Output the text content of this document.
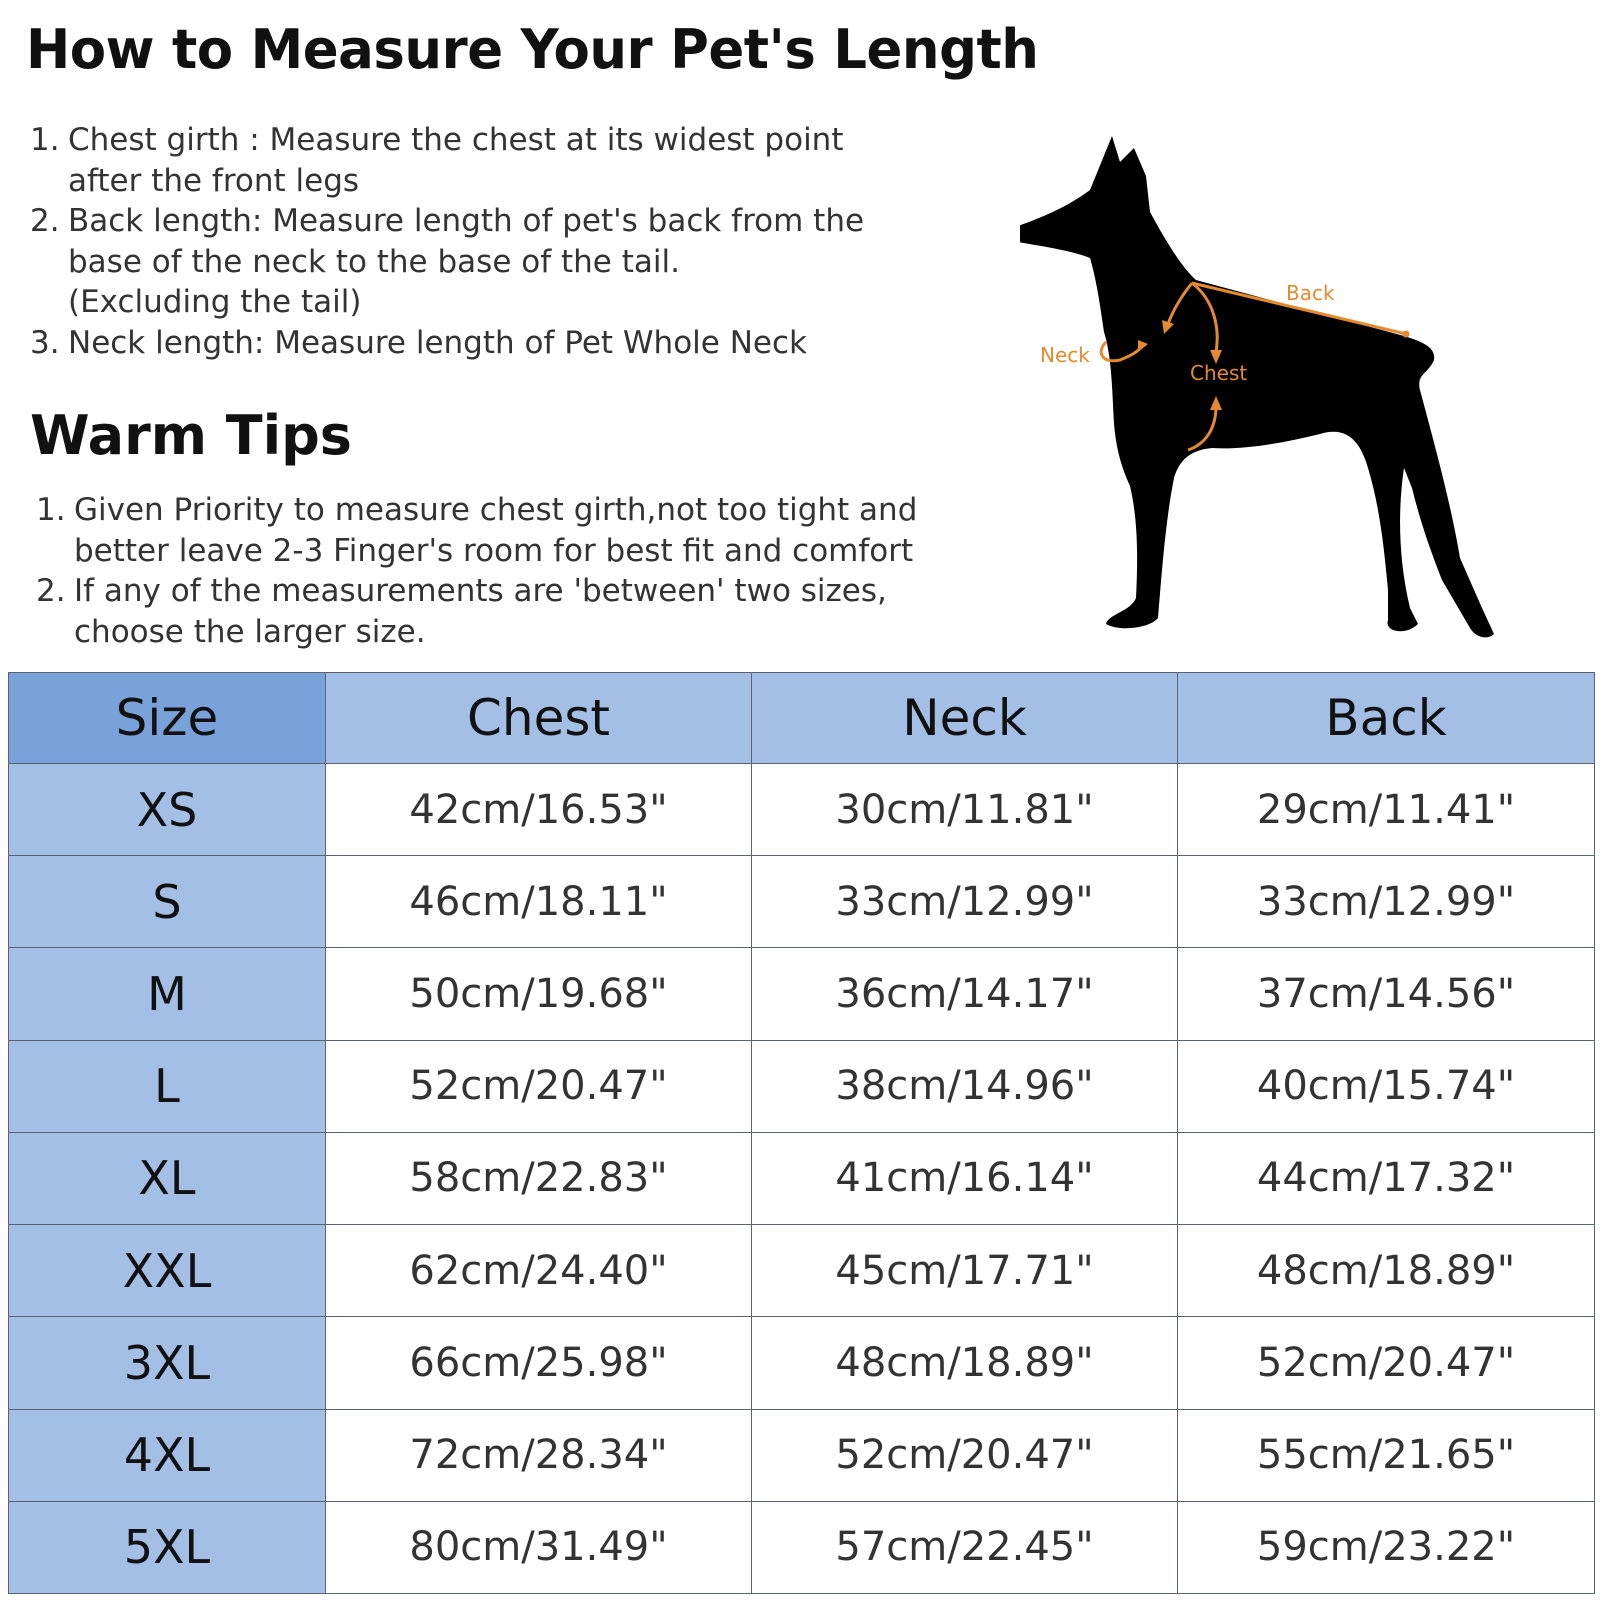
How to Measure Your Pet's Length
1. Chest girth : Measure the chest at its widest point
after the front legs
2. Back length: Measure length of pet's back from the
base of the neck to the base of the tail.
(Excluding the tail)
3. Neck length: Measure length of Pet Whole Neck
Warm Tips
1. Given Priority to measure chest girth,not too tight and
better leave 2-3 Finger's room for best fit and comfort
2. If any of the measurements are 'between' two sizes,
choose the larger size.
Back
Neck
Chest
Size	Chest	Neck	Back
XS	42cm/16.53"	30cm/11.81"	29cm/11.41"
S	46cm/18.11"	33cm/12.99"	33cm/12.99"
M	50cm/19.68"	36cm/14.17"	37cm/14.56"
L	52cm/20.47"	38cm/14.96"	40cm/15.74"
XL	58cm/22.83"	41cm/16.14"	44cm/17.32"
XXL	62cm/24.40"	45cm/17.71"	48cm/18.89"
3XL	66cm/25.98"	48cm/18.89"	52cm/20.47"
4XL	72cm/28.34"	52cm/20.47"	55cm/21.65"
5XL	80cm/31.49"	57cm/22.45"	59cm/23.22"
